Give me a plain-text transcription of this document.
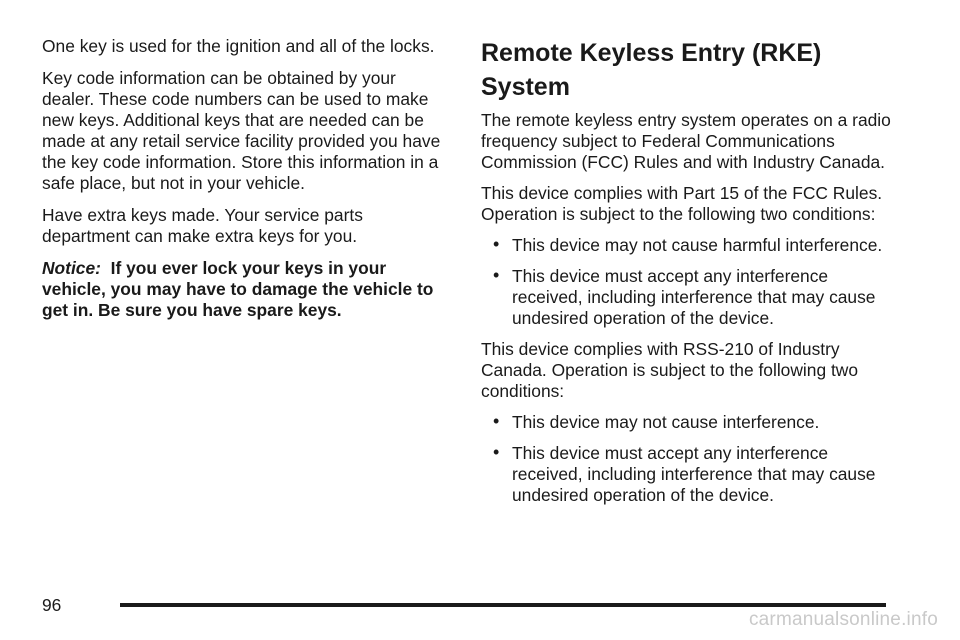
One key is used for the ignition and all of the locks.

Key code information can be obtained by your dealer. These code numbers can be used to make new keys. Additional keys that are needed can be made at any retail service facility provided you have the key code information. Store this information in a safe place, but not in your vehicle.

Have extra keys made. Your service parts department can make extra keys for you.

Notice: If you ever lock your keys in your vehicle, you may have to damage the vehicle to get in. Be sure you have spare keys.

Remote Keyless Entry (RKE) System

The remote keyless entry system operates on a radio frequency subject to Federal Communications Commission (FCC) Rules and with Industry Canada.

This device complies with Part 15 of the FCC Rules. Operation is subject to the following two conditions:

• This device may not cause harmful interference.
• This device must accept any interference received, including interference that may cause undesired operation of the device.

This device complies with RSS-210 of Industry Canada. Operation is subject to the following two conditions:

• This device may not cause interference.
• This device must accept any interference received, including interference that may cause undesired operation of the device.
96
carmanualsonline.info
